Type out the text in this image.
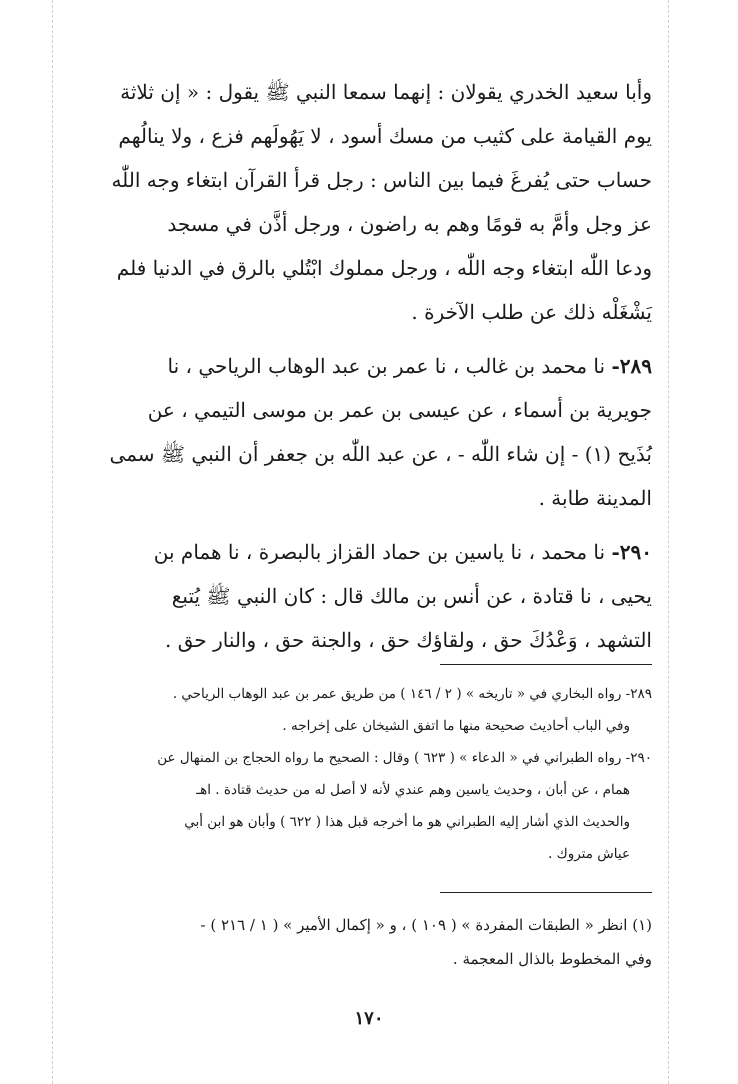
وأبا سعيد الخدري يقولان : إنهما سمعا النبي ﷺ يقول : « إن ثلاثة

يوم القيامة على كثيب من مسك أسود ، لا يَهُولَهم فزع ، ولا ينالُهم

حساب حتى يُفرغَ فيما بين الناس : رجل قرأ القرآن ابتغاء وجه اللّٰه

عز وجل وأمَّ به قومًا وهم به راضون ، ورجل أذَّن في مسجد

ودعا اللّٰه ابتغاء وجه اللّٰه ، ورجل مملوك ابْتُلي بالرق في الدنيا فلم

يَشْغَلْه ذلك عن طلب الآخرة .

٢٨٩- نا محمد بن غالب ، نا عمر بن عبد الوهاب الرياحي ، نا

جويرية بن أسماء ، عن عيسى بن عمر بن موسى التيمي ، عن

بُذَيح (١) - إن شاء اللّٰه - ، عن عبد اللّٰه بن جعفر أن النبي ﷺ سمى

المدينة طابة .

٢٩٠- نا محمد ، نا ياسين بن حماد القزاز بالبصرة ، نا همام بن

يحيى ، نا قتادة ، عن أنس بن مالك قال : كان النبي ﷺ يُتبع

التشهد ، وَعْدُكَ حق ، ولقاؤك حق ، والجنة حق ، والنار حق .

٢٨٩- رواه البخاري في « تاريخه » ( ٢ / ١٤٦ ) من طريق عمر بن عبد الوهاب الرياحي .

وفي الباب أحاديث صحيحة منها ما اتفق الشيخان على إخراجه .

٢٩٠- رواه الطبراني في « الدعاء » ( ٦٢٣ ) وقال : الصحيح ما رواه الحجاج بن المنهال عن

همام ، عن أبان ، وحديث ياسين وهم عندي لأنه لا أصل له من حديث قتادة . اهـ

والحديث الذي أشار إليه الطبراني هو ما أخرجه قبل هذا ( ٦٢٢ ) وأبان هو ابن أبي

عياش متروك .

(١) انظر « الطبقات المفردة » ( ١٠٩ ) ، و « إكمال الأمير » ( ١ / ٢١٦ ) -

وفي المخطوط بالذال المعجمة .

١٧٠
